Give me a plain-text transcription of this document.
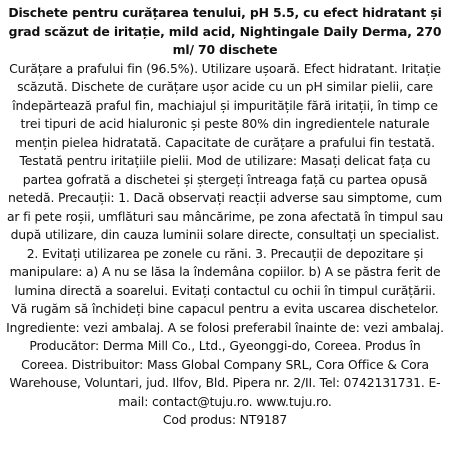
Dischete pentru curățarea tenului, pH 5.5, cu efect hidratant și grad scăzut de iritație, mild acid, Nightingale Daily Derma, 270 ml/ 70 dischete

Curățare a prafului fin (96.5%). Utilizare ușoară. Efect hidratant. Iritație scăzută. Dischete de curățare ușor acide cu un pH similar pielii, care îndepărtează praful fin, machiajul și impuritățile fără iritații, în timp ce trei tipuri de acid hialuronic și peste 80% din ingredientele naturale mențin pielea hidratată. Capacitate de curățare a prafului fin testată. Testată pentru iritațiile pielii. Mod de utilizare: Masați delicat fața cu partea gofrată a dischetei și ștergeți întreaga față cu partea opusă netedă. Precauții: 1. Dacă observați reacții adverse sau simptome, cum ar fi pete roșii, umflături sau mâncărime, pe zona afectată în timpul sau după utilizare, din cauza luminii solare directe, consultați un specialist. 2. Evitați utilizarea pe zonele cu răni. 3. Precauții de depozitare și manipulare: a) A nu se lăsa la îndemâna copiilor. b) A se păstra ferit de lumina directă a soarelui. Evitați contactul cu ochii în timpul curățării. Vă rugăm să închideți bine capacul pentru a evita uscarea dischetelor. Ingrediente: vezi ambalaj. A se folosi preferabil înainte de: vezi ambalaj. Producător: Derma Mill Co., Ltd., Gyeonggi-do, Coreea. Produs în Coreea. Distribuitor: Mass Global Company SRL, Cora Office & Cora Warehouse, Voluntari, jud. Ilfov, Bld. Pipera nr. 2/II. Tel: 0742131731. E-mail: contact@tuju.ro. www.tuju.ro.

Cod produs: NT9187
